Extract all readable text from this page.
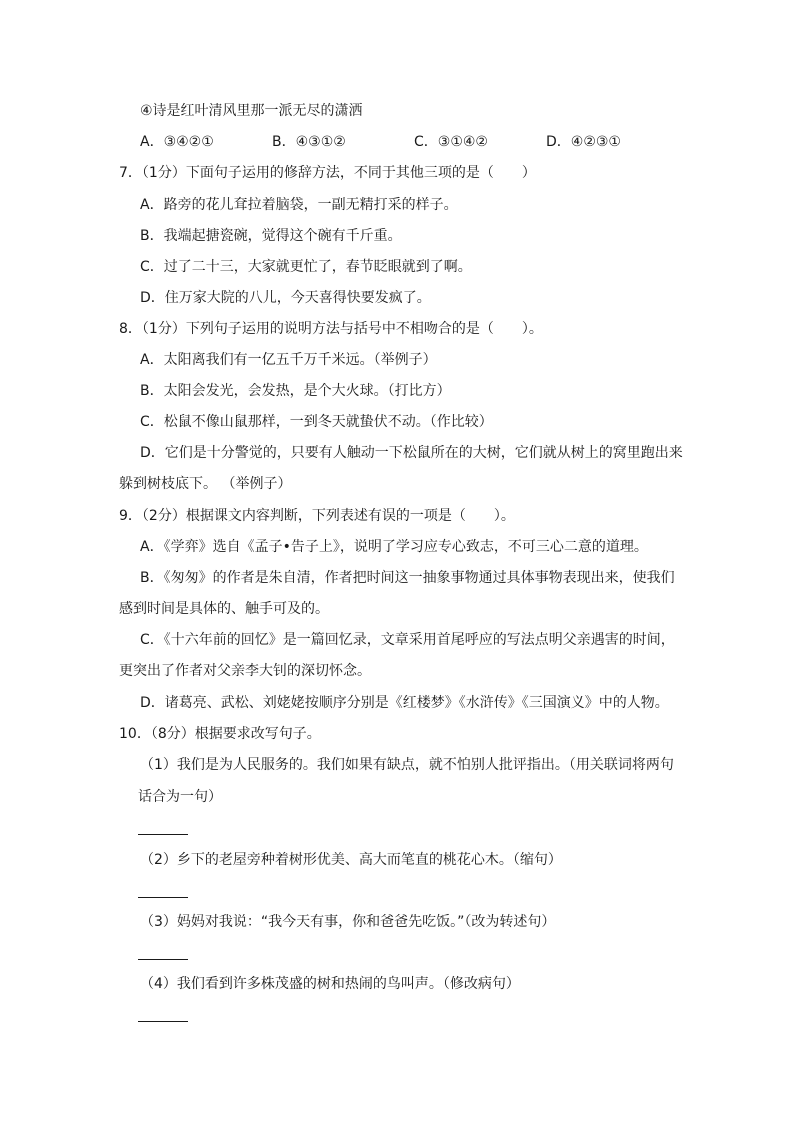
④诗是红叶清风里那一派无尽的潇洒
A．③④②①	B．④③①②	C．③①④②	D．④②③①
7．（1分）下面句子运用的修辞方法，不同于其他三项的是（　　）
A．路旁的花儿耷拉着脑袋，一副无精打采的样子。
B．我端起搪瓷碗，觉得这个碗有千斤重。
C．过了二十三，大家就更忙了，春节眨眼就到了啊。
D．住万家大院的八儿，今天喜得快要发疯了。
8．（1分）下列句子运用的说明方法与括号中不相吻合的是（　　）。
A．太阳离我们有一亿五千万千米远。（举例子）
B．太阳会发光，会发热，是个大火球。（打比方）
C．松鼠不像山鼠那样，一到冬天就蛰伏不动。（作比较）
D．它们是十分警觉的，只要有人触动一下松鼠所在的大树，它们就从树上的窝里跑出来
躲到树枝底下。 （举例子）
9．（2分）根据课文内容判断，下列表述有误的一项是（　　）。
A．《学弈》选自《孟子•告子上》，说明了学习应专心致志，不可三心二意的道理。
B．《匆匆》的作者是朱自清，作者把时间这一抽象事物通过具体事物表现出来，使我们
感到时间是具体的、触手可及的。
C．《十六年前的回忆》是一篇回忆录，文章采用首尾呼应的写法点明父亲遇害的时间，
更突出了作者对父亲李大钊的深切怀念。
D．诸葛亮、武松、刘姥姥按顺序分别是《红楼梦》《水浒传》《三国演义》中的人物。
10．（8分）根据要求改写句子。
（1）我们是为人民服务的。我们如果有缺点，就不怕别人批评指出。（用关联词将两句
话合为一句）
（2）乡下的老屋旁种着树形优美、高大而笔直的桃花心木。（缩句）
（3）妈妈对我说：“我今天有事，你和爸爸先吃饭。”（改为转述句）
（4）我们看到许多株茂盛的树和热闹的鸟叫声。（修改病句）
